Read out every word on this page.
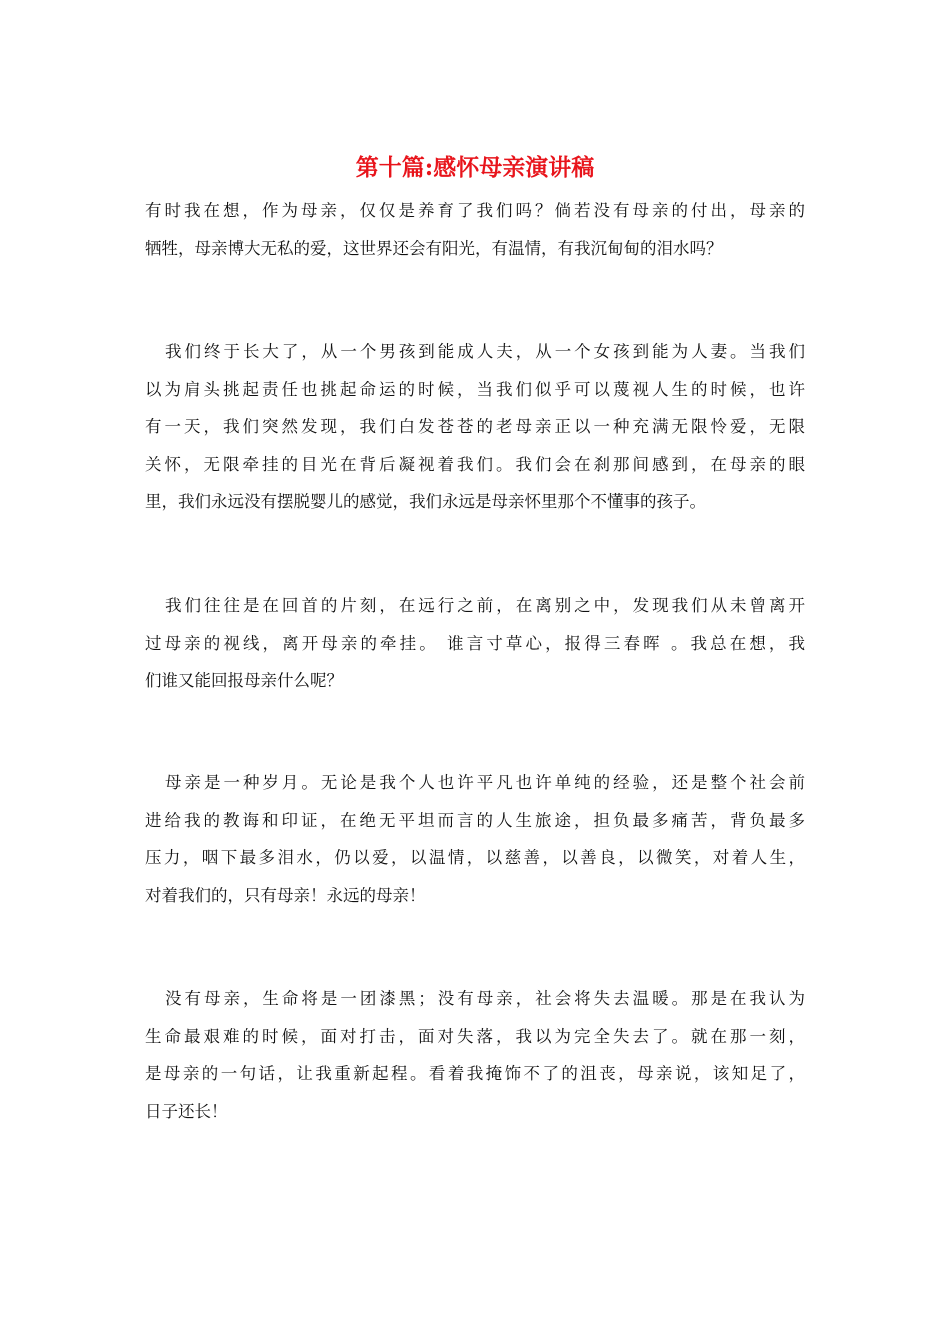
第十篇:感怀母亲演讲稿
有时我在想，作为母亲，仅仅是养育了我们吗？倘若没有母亲的付出，母亲的
牺牲，母亲博大无私的爱，这世界还会有阳光，有温情，有我沉甸甸的泪水吗？
我们终于长大了，从一个男孩到能成人夫，从一个女孩到能为人妻。当我们
以为肩头挑起责任也挑起命运的时候，当我们似乎可以蔑视人生的时候，也许
有一天，我们突然发现，我们白发苍苍的老母亲正以一种充满无限怜爱，无限
关怀，无限牵挂的目光在背后凝视着我们。我们会在刹那间感到，在母亲的眼
里，我们永远没有摆脱婴儿的感觉，我们永远是母亲怀里那个不懂事的孩子。
我们往往是在回首的片刻，在远行之前，在离别之中，发现我们从未曾离开
过母亲的视线，离开母亲的牵挂。 谁言寸草心，报得三春晖 。我总在想，我
们谁又能回报母亲什么呢？
母亲是一种岁月。无论是我个人也许平凡也许单纯的经验，还是整个社会前
进给我的教诲和印证，在绝无平坦而言的人生旅途，担负最多痛苦，背负最多
压力，咽下最多泪水，仍以爱，以温情，以慈善，以善良，以微笑，对着人生，
对着我们的，只有母亲！永远的母亲！
没有母亲，生命将是一团漆黑；没有母亲，社会将失去温暖。那是在我认为
生命最艰难的时候，面对打击，面对失落，我以为完全失去了。就在那一刻，
是母亲的一句话，让我重新起程。看着我掩饰不了的沮丧，母亲说，该知足了，
日子还长！
